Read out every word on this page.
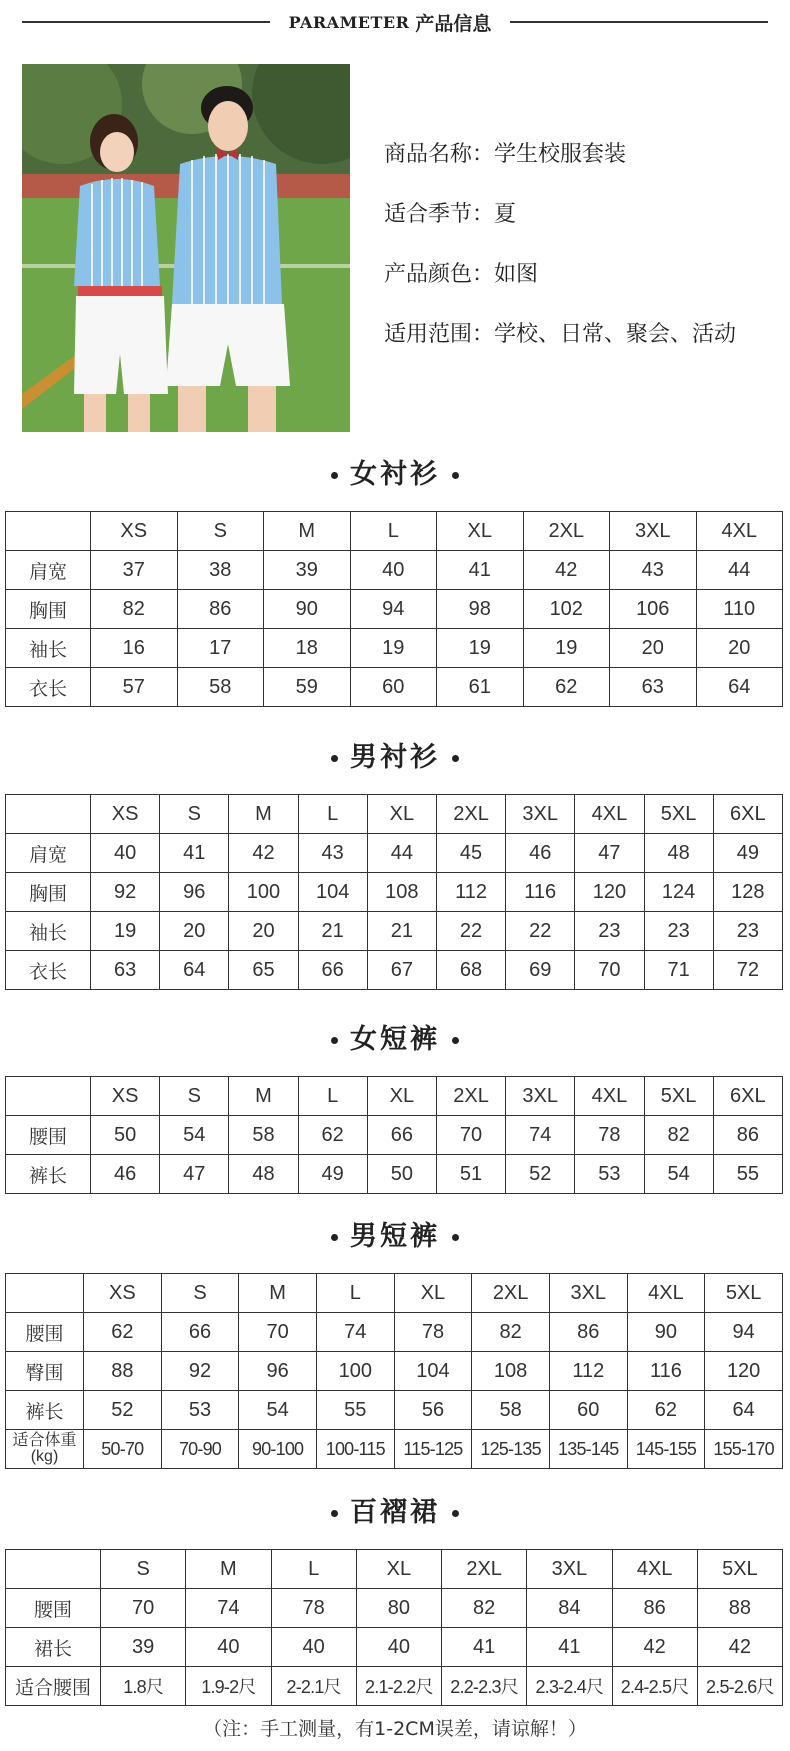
PARAMETER 产品信息
商品名称：学生校服套装
适合季节：夏
产品颜色：如图
适用范围：学校、日常、聚会、活动
女衬衫
	XS	S	M	L	XL	2XL	3XL	4XL
肩宽	37	38	39	40	41	42	43	44
胸围	82	86	90	94	98	102	106	110
袖长	16	17	18	19	19	19	20	20
衣长	57	58	59	60	61	62	63	64
男衬衫
	XS	S	M	L	XL	2XL	3XL	4XL	5XL	6XL
肩宽	40	41	42	43	44	45	46	47	48	49
胸围	92	96	100	104	108	112	116	120	124	128
袖长	19	20	20	21	21	22	22	23	23	23
衣长	63	64	65	66	67	68	69	70	71	72
女短裤
	XS	S	M	L	XL	2XL	3XL	4XL	5XL	6XL
腰围	50	54	58	62	66	70	74	78	82	86
裤长	46	47	48	49	50	51	52	53	54	55
男短裤
	XS	S	M	L	XL	2XL	3XL	4XL	5XL
腰围	62	66	70	74	78	82	86	90	94
臀围	88	92	96	100	104	108	112	116	120
裤长	52	53	54	55	56	58	60	62	64
适合体重(kg)	50-70	70-90	90-100	100-115	115-125	125-135	135-145	145-155	155-170
百褶裙
	S	M	L	XL	2XL	3XL	4XL	5XL
腰围	70	74	78	80	82	84	86	88
裙长	39	40	40	40	41	41	42	42
适合腰围	1.8尺	1.9-2尺	2-2.1尺	2.1-2.2尺	2.2-2.3尺	2.3-2.4尺	2.4-2.5尺	2.5-2.6尺
（注：手工测量，有1-2CM误差，请谅解！）
